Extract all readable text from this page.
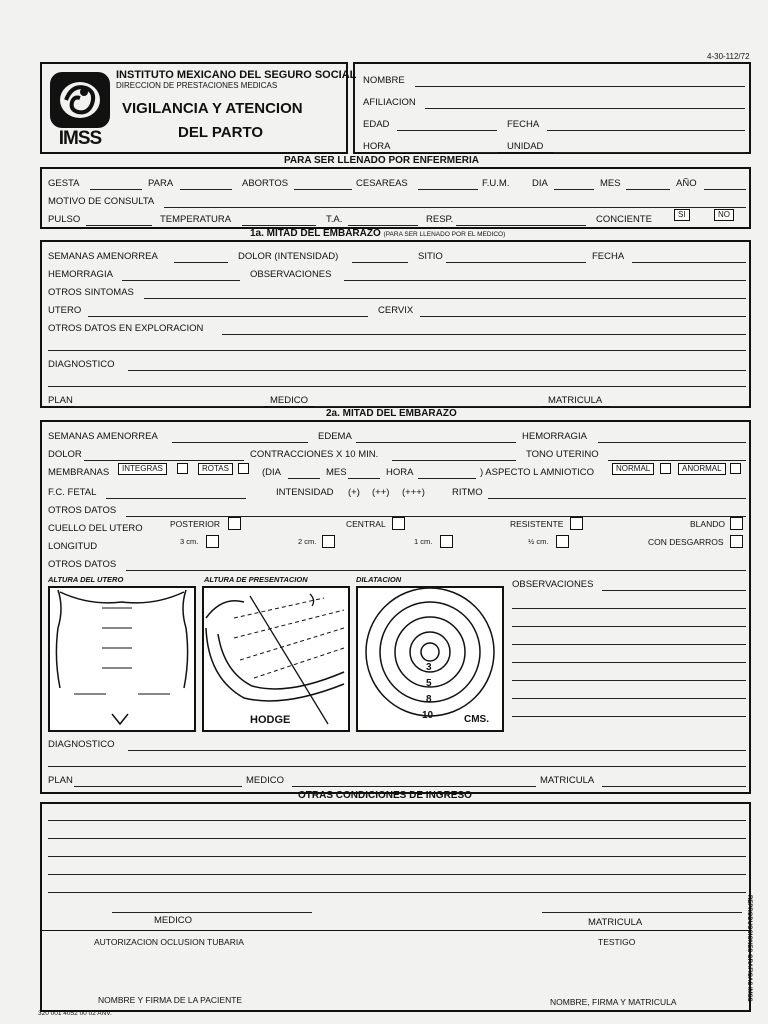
4-30-112/72
IMSS
INSTITUTO MEXICANO DEL SEGURO SOCIAL
DIRECCION DE PRESTACIONES MEDICAS
VIGILANCIA Y ATENCION
DEL PARTO
NOMBRE
AFILIACION
EDAD	FECHA
HORA	UNIDAD
PARA SER LLENADO POR ENFERMERIA
GESTA	PARA	ABORTOS	CESAREAS	F.U.M. DIA	MES	AÑO
MOTIVO DE CONSULTA
PULSO	TEMPERATURA	T.A.	RESP.	CONCIENTE	SI	NO
1a. MITAD DEL EMBARAZO (PARA SER LLENADO POR EL MEDICO)
SEMANAS AMENORREA	DOLOR (INTENSIDAD)	SITIO	FECHA
HEMORRAGIA	OBSERVACIONES
OTROS SINTOMAS
UTERO	CERVIX
OTROS DATOS EN EXPLORACION
DIAGNOSTICO
PLAN	MEDICO	MATRICULA
2a. MITAD DEL EMBARAZO
SEMANAS AMENORREA	EDEMA	HEMORRAGIA
DOLOR	CONTRACCIONES X 10 MIN.	TONO UTERINO
MEMBRANAS	INTEGRAS	ROTAS	(DIA	MES	HORA	) ASPECTO L AMNIOTICO	NORMAL	ANORMAL
F.C. FETAL	INTENSIDAD (+) (++) (+++)	RITMO
OTROS DATOS
CUELLO DEL UTERO	POSTERIOR	CENTRAL	RESISTENTE	BLANDO
LONGITUD	3 cm.	2 cm.	1 cm.	½ cm.	CON DESGARROS
OTROS DATOS
ALTURA DEL UTERO	ALTURA DE PRESENTACION	DILATACION	OBSERVACIONES
HODGE
3
5
8
10	CMS.
DIAGNOSTICO
PLAN	MEDICO	MATRICULA
OTRAS CONDICIONES DE INGRESO
MEDICO	MATRICULA
AUTORIZACION OCLUSION TUBARIA	TESTIGO
NOMBRE Y FIRMA DE LA PACIENTE	NOMBRE, FIRMA Y MATRICULA
320 001 4052 00 02 ANV.
REPRODUCCIONES GRAFICAS IMSS
